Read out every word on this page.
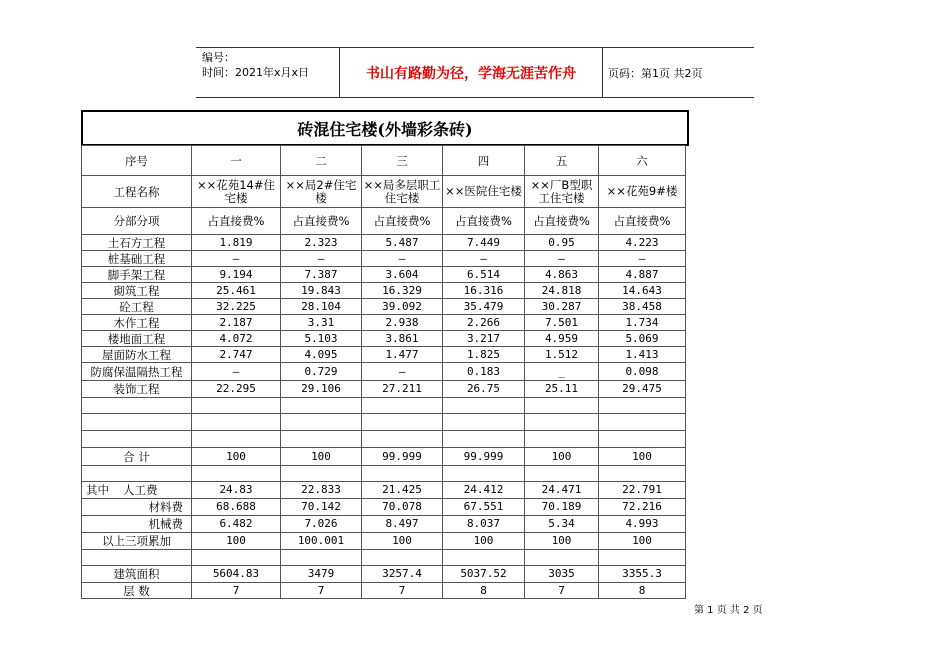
编号：
时间：2021年x月x日	书山有路勤为径，学海无涯苦作舟	页码：第1页 共2页
砖混住宅楼(外墙彩条砖)
序号	一	二	三	四	五	六
工程名称	××花苑14#住宅楼	××局2#住宅楼	××局多层职工住宅楼	××医院住宅楼	××厂B型职工住宅楼	××花苑9#楼
分部分项	占直接费%	占直接费%	占直接费%	占直接费%	占直接费%	占直接费%
土石方工程	1.819	2.323	5.487	7.449	0.95	4.223
桩基础工程	—	—	—	—	—	—
脚手架工程	9.194	7.387	3.604	6.514	4.863	4.887
砌筑工程	25.461	19.843	16.329	16.316	24.818	14.643
砼工程	32.225	28.104	39.092	35.479	30.287	38.458
木作工程	2.187	3.31	2.938	2.266	7.501	1.734
楼地面工程	4.072	5.103	3.861	3.217	4.959	5.069
屋面防水工程	2.747	4.095	1.477	1.825	1.512	1.413
防腐保温隔热工程	—	0.729	—	0.183	_	0.098
装饰工程	22.295	29.106	27.211	26.75	25.11	29.475

合 计	100	100	99.999	99.999	100	100

其中 人工费	24.83	22.833	21.425	24.412	24.471	22.791
材料费	68.688	70.142	70.078	67.551	70.189	72.216
机械费	6.482	7.026	8.497	8.037	5.34	4.993
以上三项累加	100	100.001	100	100	100	100

建筑面积	5604.83	3479	3257.4	5037.52	3035	3355.3
层 数	7	7	7	8	7	8
第 1 页 共 2 页
